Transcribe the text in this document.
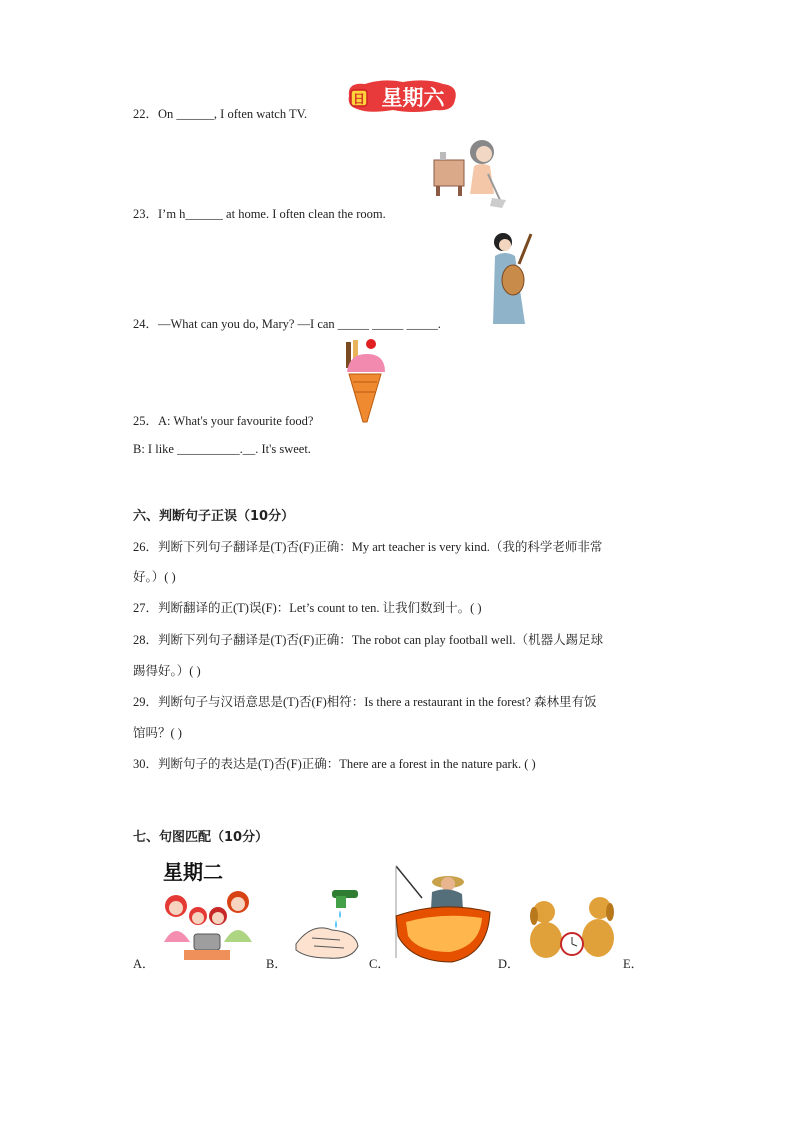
日 星期六
22．On ______, I often watch TV.
23．I’m h______ at home. I often clean the room.
24．—What can you do, Mary? —I can _____ _____ _____.
25．A: What's your favourite food?
B: I like __________.__. It's sweet.
六、判断句子正误（10分）
26．判断下列句子翻译是(T)否(F)正确：My art teacher is very kind.（我的科学老师非常
好。）( )
27．判断翻译的正(T)误(F)：Let’s count to ten. 让我们数到十。( )
28．判断下列句子翻译是(T)否(F)正确：The robot can play football well.（机器人踢足球
踢得好。）( )
29．判断句子与汉语意思是(T)否(F)相符：Is there a restaurant in the forest? 森林里有饭
馆吗？( )
30．判断句子的表达是(T)否(F)正确：There are a forest in the nature park. ( )
七、句图匹配（10分）
星期二
A．	B．	C．	D．	E．
